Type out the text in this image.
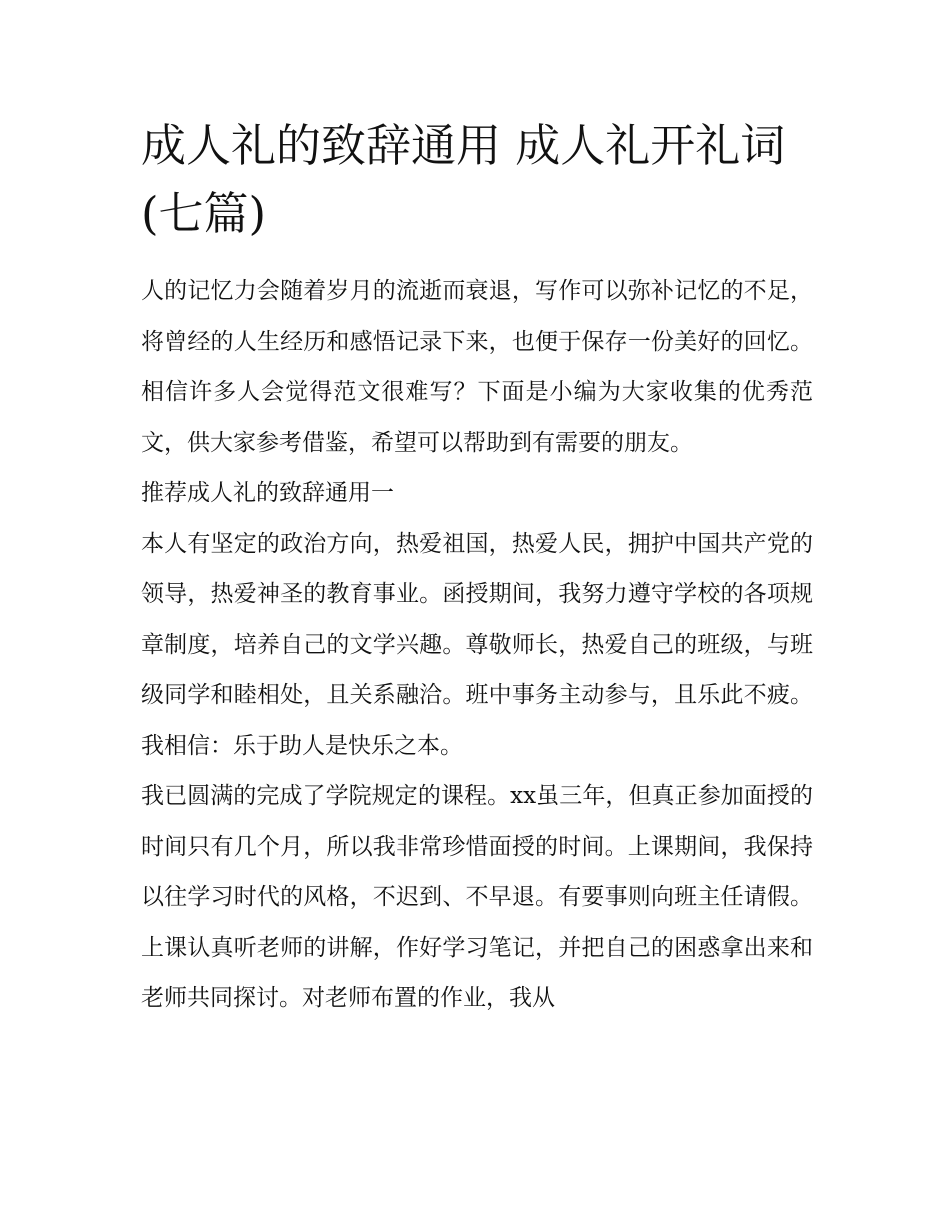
成人礼的致辞通用 成人礼开礼词(七篇)

人的记忆力会随着岁月的流逝而衰退，写作可以弥补记忆的不足，将曾经的人生经历和感悟记录下来，也便于保存一份美好的回忆。相信许多人会觉得范文很难写？下面是小编为大家收集的优秀范文，供大家参考借鉴，希望可以帮助到有需要的朋友。

推荐成人礼的致辞通用一

本人有坚定的政治方向，热爱祖国，热爱人民，拥护中国共产党的领导，热爱神圣的教育事业。函授期间，我努力遵守学校的各项规章制度，培养自己的文学兴趣。尊敬师长，热爱自己的班级，与班级同学和睦相处，且关系融洽。班中事务主动参与，且乐此不疲。我相信：乐于助人是快乐之本。

我已圆满的完成了学院规定的课程。xx虽三年，但真正参加面授的时间只有几个月，所以我非常珍惜面授的时间。上课期间，我保持以往学习时代的风格，不迟到、不早退。有要事则向班主任请假。上课认真听老师的讲解，作好学习笔记，并把自己的困惑拿出来和老师共同探讨。对老师布置的作业，我从
